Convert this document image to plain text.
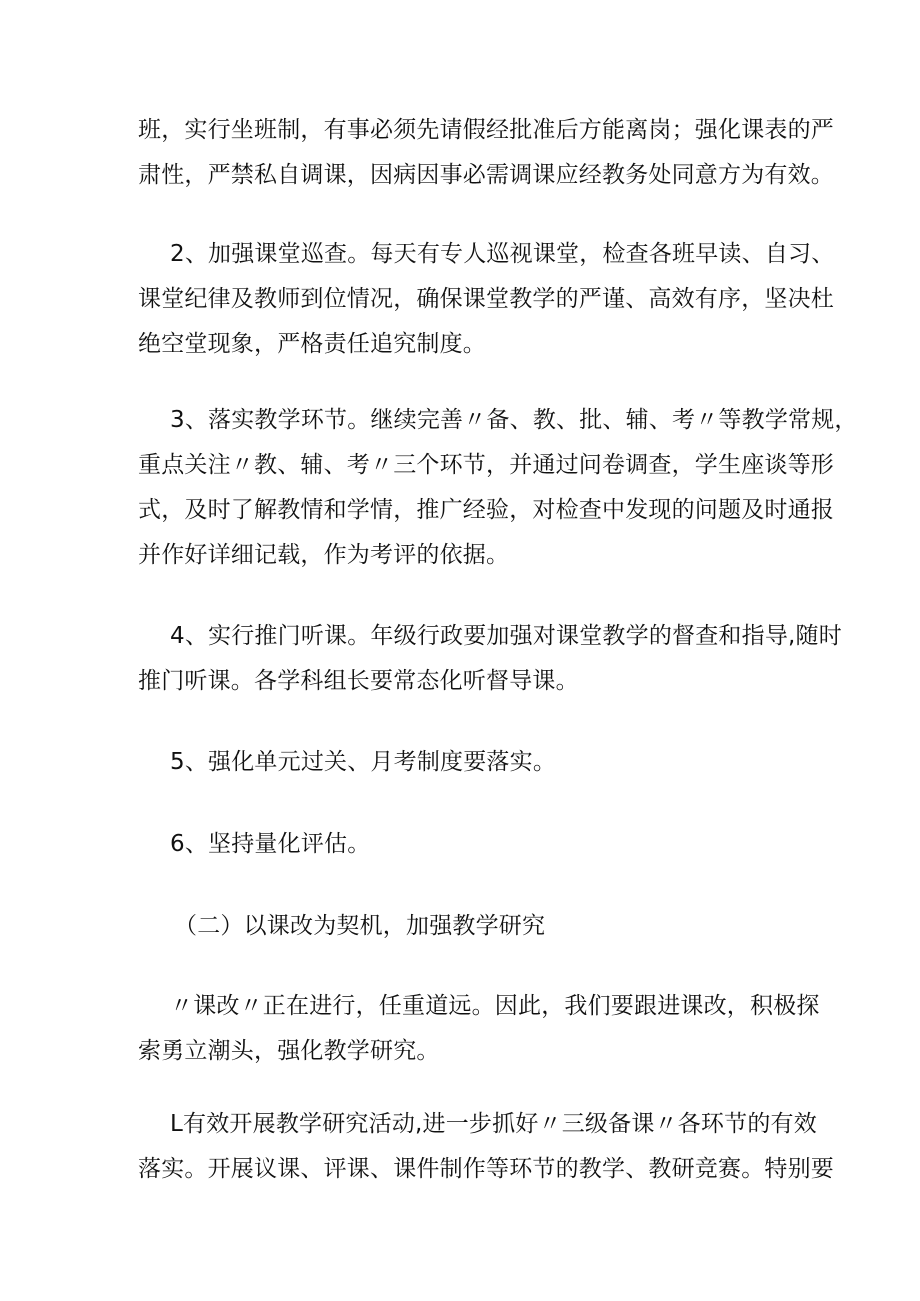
班，实行坐班制，有事必须先请假经批准后方能离岗；强化课表的严
肃性，严禁私自调课，因病因事必需调课应经教务处同意方为有效。
2、加强课堂巡查。每天有专人巡视课堂，检查各班早读、自习、
课堂纪律及教师到位情况，确保课堂教学的严谨、高效有序，坚决杜
绝空堂现象，严格责任追究制度。
3、落实教学环节。继续完善〃备、教、批、辅、考〃等教学常规，
重点关注〃教、辅、考〃三个环节，并通过问卷调查，学生座谈等形
式，及时了解教情和学情，推广经验，对检查中发现的问题及时通报
并作好详细记载，作为考评的依据。
4、实行推门听课。年级行政要加强对课堂教学的督查和指导,随时
推门听课。各学科组长要常态化听督导课。
5、强化单元过关、月考制度要落实。
6、坚持量化评估。
（二）以课改为契机，加强教学研究
〃课改〃正在进行，任重道远。因此，我们要跟进课改，积极探
索勇立潮头，强化教学研究。
L有效开展教学研究活动,进一步抓好〃三级备课〃各环节的有效
落实。开展议课、评课、课件制作等环节的教学、教研竞赛。特别要
